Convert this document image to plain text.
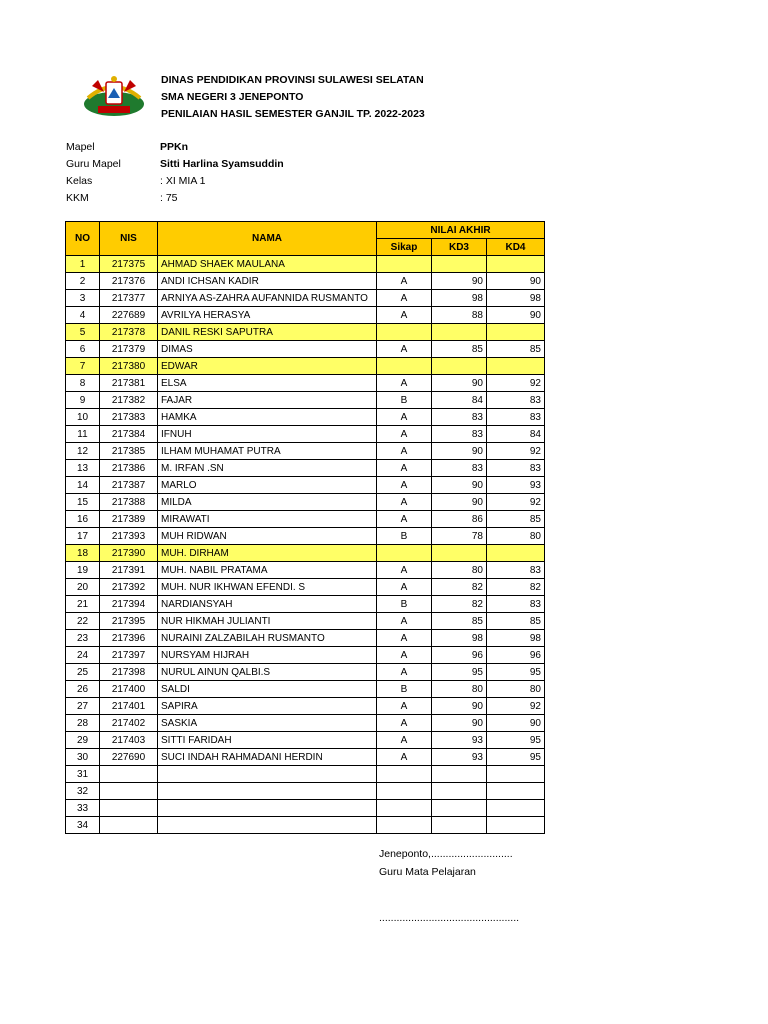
DINAS PENDIDIKAN PROVINSI SULAWESI SELATAN
SMA NEGERI 3 JENEPONTO
PENILAIAN HASIL SEMESTER GANJIL TP. 2022-2023
Mapel	PPKn
Guru Mapel	Sitti Harlina Syamsuddin
Kelas	: XI MIA 1
KKM	: 75
NO	NIS	NAMA	NILAI AKHIR		
			Sikap	KD3	KD4
1	217375	AHMAD SHAEK MAULANA			
2	217376	ANDI ICHSAN KADIR	A	90	90
3	217377	ARNIYA AS-ZAHRA AUFANNIDA RUSMANTO	A	98	98
4	227689	AVRILYA HERASYA	A	88	90
5	217378	DANIL RESKI SAPUTRA			
6	217379	DIMAS	A	85	85
7	217380	EDWAR			
8	217381	ELSA	A	90	92
9	217382	FAJAR	B	84	83
10	217383	HAMKA	A	83	83
11	217384	IFNUH	A	83	84
12	217385	ILHAM MUHAMAT PUTRA	A	90	92
13	217386	M. IRFAN .SN	A	83	83
14	217387	MARLO	A	90	93
15	217388	MILDA	A	90	92
16	217389	MIRAWATI	A	86	85
17	217393	MUH RIDWAN	B	78	80
18	217390	MUH. DIRHAM			
19	217391	MUH. NABIL PRATAMA	A	80	83
20	217392	MUH. NUR IKHWAN EFENDI. S	A	82	82
21	217394	NARDIANSYAH	B	82	83
22	217395	NUR HIKMAH JULIANTI	A	85	85
23	217396	NURAINI ZALZABILAH RUSMANTO	A	98	98
24	217397	NURSYAM HIJRAH	A	96	96
25	217398	NURUL AINUN QALBI.S	A	95	95
26	217400	SALDI	B	80	80
27	217401	SAPIRA	A	90	92
28	217402	SASKIA	A	90	90
29	217403	SITTI FARIDAH	A	93	95
30	227690	SUCI INDAH RAHMADANI HERDIN	A	93	95
31					
32					
33					
34					
Jeneponto,............................
Guru Mata Pelajaran
................................................
